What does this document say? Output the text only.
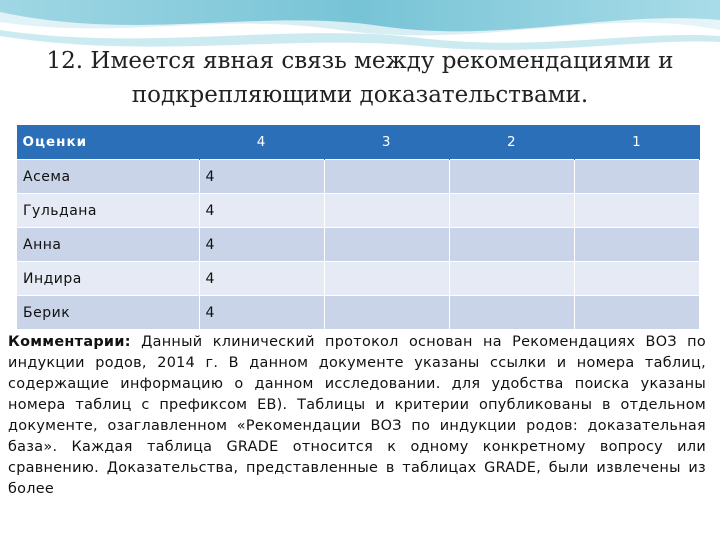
12. Имеется явная связь между рекомендациями и подкрепляющими доказательствами.
Оценки	4	3	2	1
Асема	4			
Гульдана	4			
Анна	4			
Индира	4			
Берик	4			
Комментарии: Данный клинический протокол основан на Рекомендациях ВОЗ по индукции родов, 2014 г. В данном документе указаны ссылки и номера таблиц, содержащие информацию о данном исследовании. для удобства поиска указаны номера таблиц с префиксом EB). Таблицы и критерии опубликованы в отдельном документе, озаглавленном «Рекомендации ВОЗ по индукции родов: доказательная база». Каждая таблица GRADE относится к одному конкретному вопросу или сравнению. Доказательства, представленные в таблицах GRADE, были извлечены из более
